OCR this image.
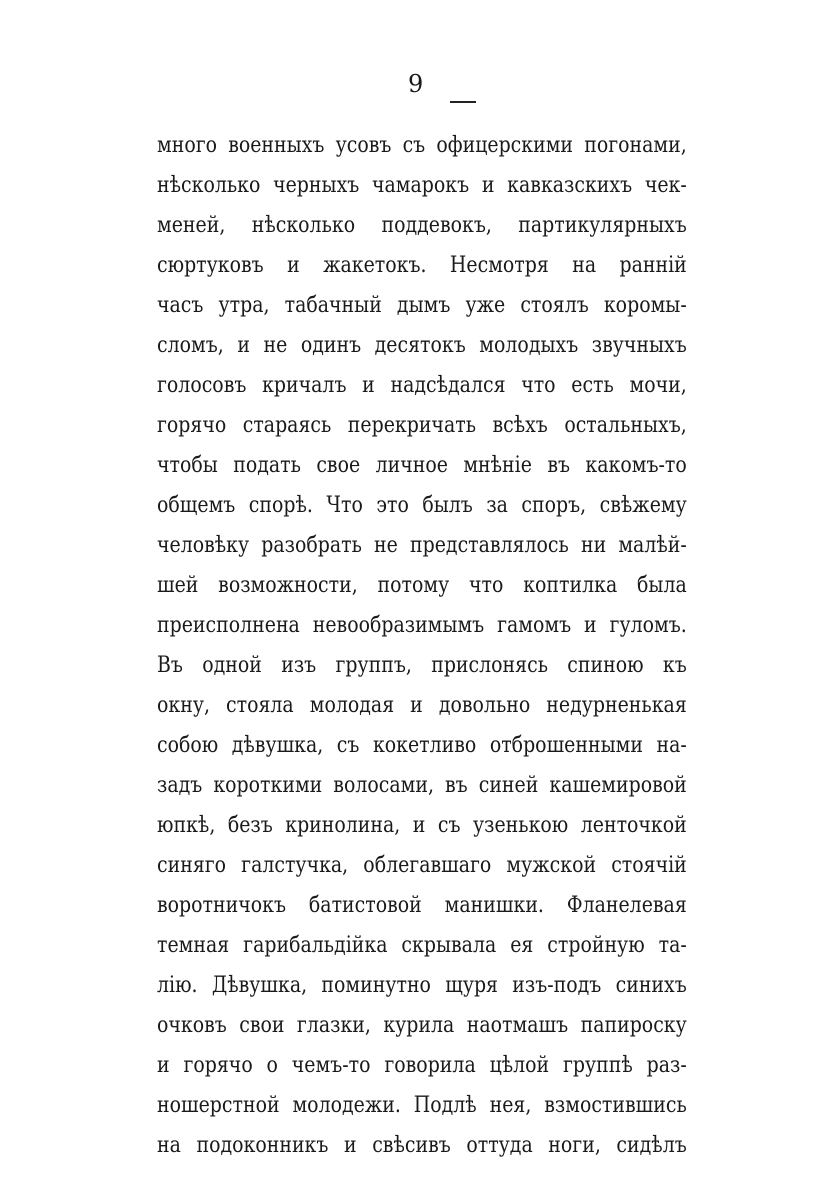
9
много военныхъ усовъ съ офицерскими погонами,
нѣсколько черныхъ чамарокъ и кавказскихъ чек-
меней, нѣсколько поддевокъ, партикулярныхъ
сюртуковъ и жакетокъ. Несмотря на ранній
часъ утра, табачный дымъ уже стоялъ коромы-
сломъ, и не одинъ десятокъ молодыхъ звучныхъ
голосовъ кричалъ и надсѣдался что есть мочи,
горячо стараясь перекричать всѣхъ остальныхъ,
чтобы подать свое личное мнѣніе въ какомъ-то
общемъ спорѣ. Что это былъ за споръ, свѣжему
человѣку разобрать не представлялось ни малѣй-
шей возможности, потому что коптилка была
преисполнена невообразимымъ гамомъ и гуломъ.
Въ одной изъ группъ, прислонясь спиною къ
окну, стояла молодая и довольно недурненькая
собою дѣвушка, съ кокетливо отброшенными на-
задъ короткими волосами, въ синей кашемировой
юпкѣ, безъ кринолина, и съ узенькою ленточкой
синяго галстучка, облегавшаго мужской стоячій
воротничокъ батистовой манишки. Фланелевая
темная гарибальдійка скрывала ея стройную та-
лію. Дѣвушка, поминутно щуря изъ-подъ синихъ
очковъ свои глазки, курила наотмашъ папироску
и горячо о чемъ-то говорила цѣлой группѣ раз-
ношерстной молодежи. Подлѣ нея, взмостившись
на подоконникъ и свѣсивъ оттуда ноги, сидѣлъ
